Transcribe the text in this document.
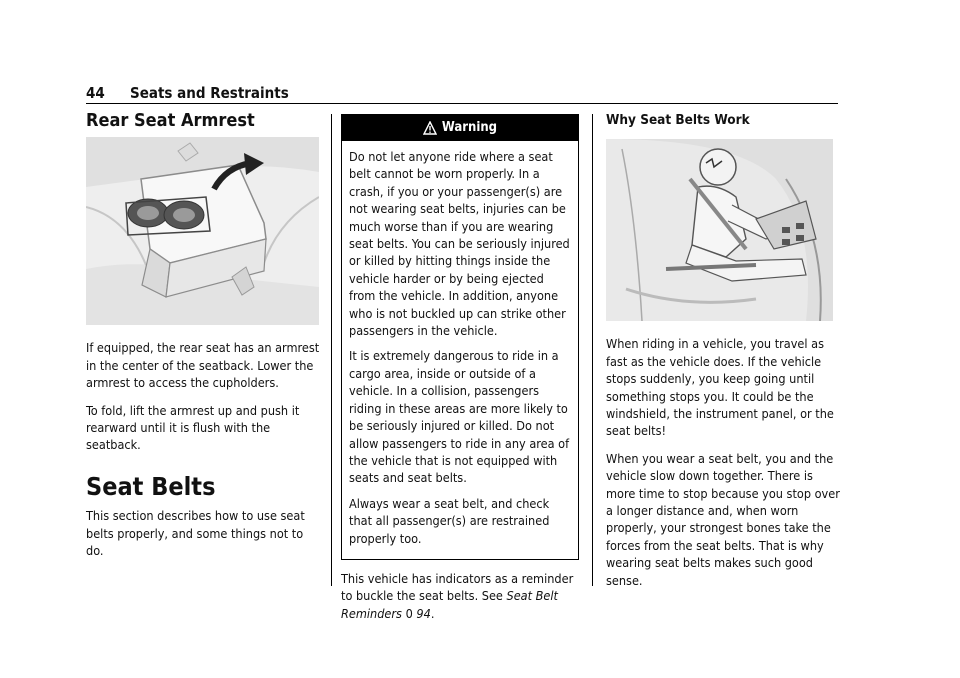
44 Seats and Restraints
Rear Seat Armrest

If equipped, the rear seat has an armrest in the center of the seatback. Lower the armrest to access the cupholders.

To fold, lift the armrest up and push it rearward until it is flush with the seatback.

Seat Belts

This section describes how to use seat belts properly, and some things not to do.

Warning

Do not let anyone ride where a seat belt cannot be worn properly. In a crash, if you or your passenger(s) are not wearing seat belts, injuries can be much worse than if you are wearing seat belts. You can be seriously injured or killed by hitting things inside the vehicle harder or by being ejected from the vehicle. In addition, anyone who is not buckled up can strike other passengers in the vehicle.

It is extremely dangerous to ride in a cargo area, inside or outside of a vehicle. In a collision, passengers riding in these areas are more likely to be seriously injured or killed. Do not allow passengers to ride in any area of the vehicle that is not equipped with seats and seat belts.

Always wear a seat belt, and check that all passenger(s) are restrained properly too.

This vehicle has indicators as a reminder to buckle the seat belts. See Seat Belt Reminders 0 94.

Why Seat Belts Work

When riding in a vehicle, you travel as fast as the vehicle does. If the vehicle stops suddenly, you keep going until something stops you. It could be the windshield, the instrument panel, or the seat belts!

When you wear a seat belt, you and the vehicle slow down together. There is more time to stop because you stop over a longer distance and, when worn properly, your strongest bones take the forces from the seat belts. That is why wearing seat belts makes such good sense.
